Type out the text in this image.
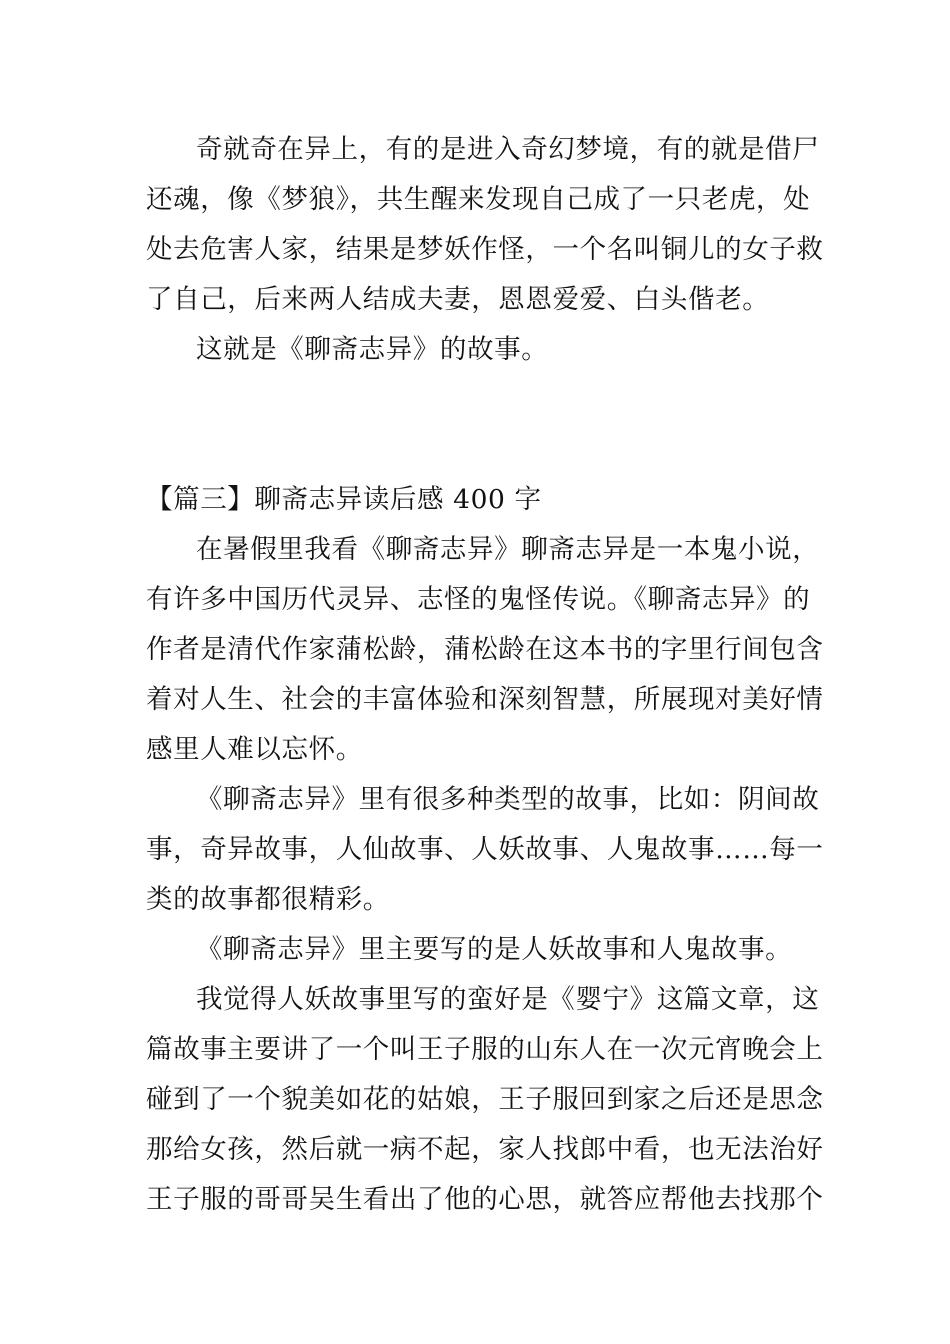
奇就奇在异上，有的是进入奇幻梦境，有的就是借尸
还魂，像《梦狼》，共生醒来发现自己成了一只老虎，处
处去危害人家，结果是梦妖作怪，一个名叫铜儿的女子救
了自己，后来两人结成夫妻，恩恩爱爱、白头偕老。
这就是《聊斋志异》的故事。
【篇三】聊斋志异读后感 400 字
在暑假里我看《聊斋志异》聊斋志异是一本鬼小说，
有许多中国历代灵异、志怪的鬼怪传说。《聊斋志异》的
作者是清代作家蒲松龄，蒲松龄在这本书的字里行间包含
着对人生、社会的丰富体验和深刻智慧，所展现对美好情
感里人难以忘怀。
《聊斋志异》里有很多种类型的故事，比如：阴间故
事，奇异故事，人仙故事、人妖故事、人鬼故事……每一
类的故事都很精彩。
《聊斋志异》里主要写的是人妖故事和人鬼故事。
我觉得人妖故事里写的蛮好是《婴宁》这篇文章，这
篇故事主要讲了一个叫王子服的山东人在一次元宵晚会上
碰到了一个貌美如花的姑娘，王子服回到家之后还是思念
那给女孩，然后就一病不起，家人找郎中看，也无法治好
王子服的哥哥吴生看出了他的心思，就答应帮他去找那个
